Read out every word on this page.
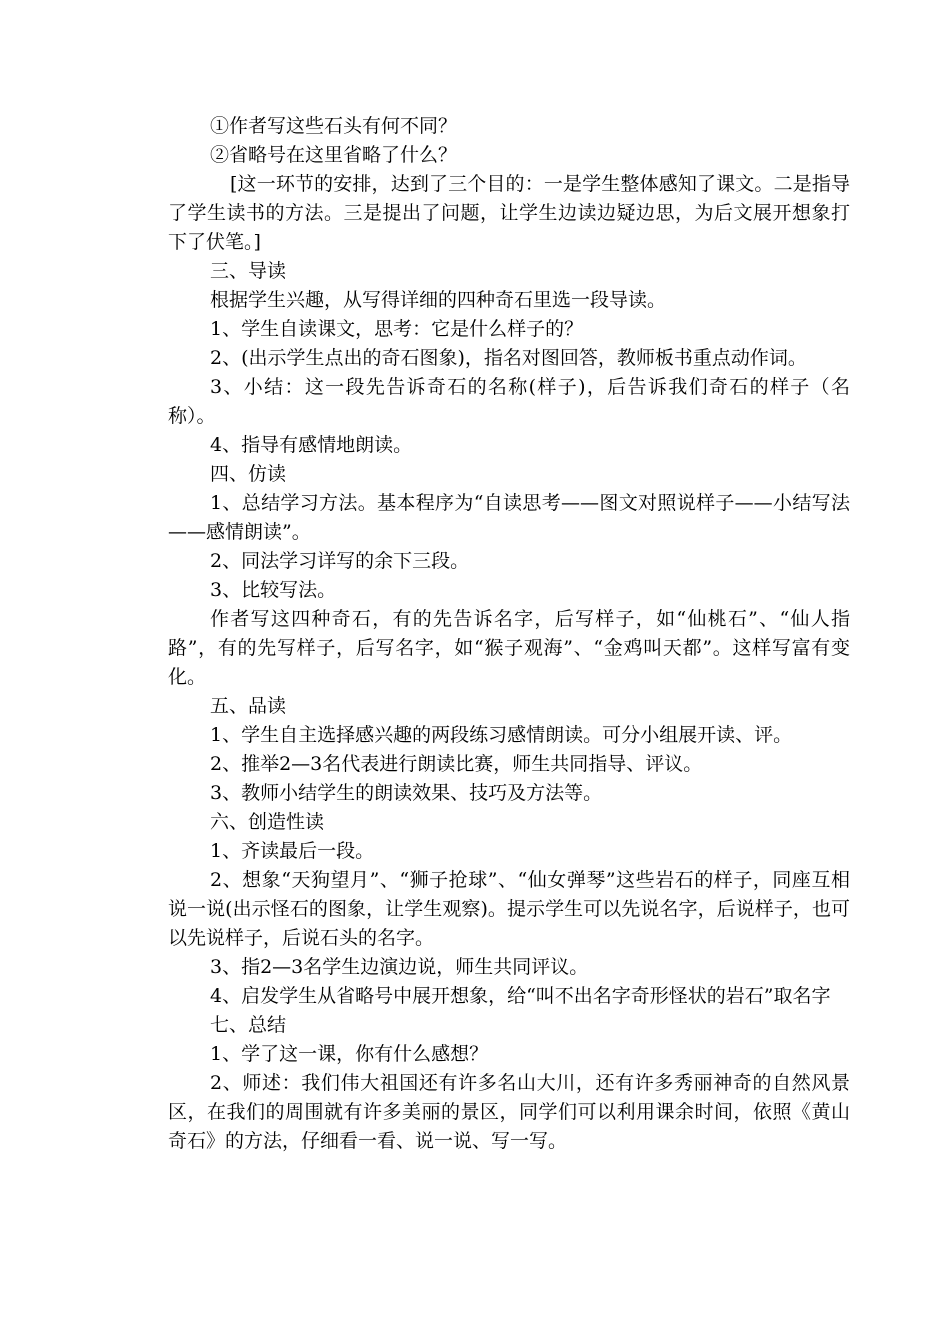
①作者写这些石头有何不同？

②省略号在这里省略了什么？

[这一环节的安排，达到了三个目的：一是学生整体感知了课文。二是指导了学生读书的方法。三是提出了问题，让学生边读边疑边思，为后文展开想象打下了伏笔。]

三、导读

根据学生兴趣，从写得详细的四种奇石里选一段导读。

1、学生自读课文，思考：它是什么样子的？

2、(出示学生点出的奇石图象)，指名对图回答，教师板书重点动作词。

3、小结：这一段先告诉奇石的名称(样子)，后告诉我们奇石的样子（名称）。

4、指导有感情地朗读。

四、仿读

1、总结学习方法。基本程序为“自读思考——图文对照说样子——小结写法——感情朗读”。

2、同法学习详写的余下三段。

3、比较写法。

作者写这四种奇石，有的先告诉名字，后写样子，如“仙桃石”、“仙人指路”，有的先写样子，后写名字，如“猴子观海”、“金鸡叫天都”。这样写富有变化。

五、品读

1、学生自主选择感兴趣的两段练习感情朗读。可分小组展开读、评。

2、推举2—3名代表进行朗读比赛，师生共同指导、评议。

3、教师小结学生的朗读效果、技巧及方法等。

六、创造性读

1、齐读最后一段。

2、想象“天狗望月”、“狮子抢球”、“仙女弹琴”这些岩石的样子，同座互相说一说(出示怪石的图象，让学生观察)。提示学生可以先说名字，后说样子，也可以先说样子，后说石头的名字。

3、指2—3名学生边演边说，师生共同评议。

4、启发学生从省略号中展开想象，给“叫不出名字奇形怪状的岩石”取名字

七、总结

1、学了这一课，你有什么感想？

2、师述：我们伟大祖国还有许多名山大川，还有许多秀丽神奇的自然风景区，在我们的周围就有许多美丽的景区，同学们可以利用课余时间，依照《黄山奇石》的方法，仔细看一看、说一说、写一写。
